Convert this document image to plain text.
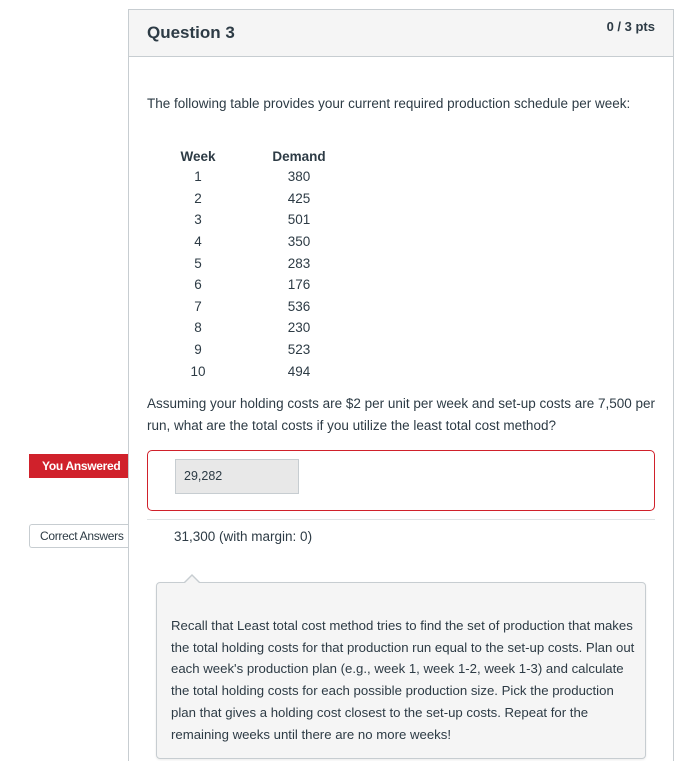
You Answered
Correct Answers
Question 3	0 / 3 pts
The following table provides your current required production schedule per week:
Week	Demand
1	380
2	425
3	501
4	350
5	283
6	176
7	536
8	230
9	523
10	494
Assuming your holding costs are $2 per unit per week and set-up costs are 7,500 per run, what are the total costs if you utilize the least total cost method?
29,282
31,300 (with margin: 0)
Recall that Least total cost method tries to find the set of production that makes the total holding costs for that production run equal to the set-up costs. Plan out each week's production plan (e.g., week 1, week 1-2, week 1-3) and calculate the total holding costs for each possible production size. Pick the production plan that gives a holding cost closest to the set-up costs. Repeat for the remaining weeks until there are no more weeks!
